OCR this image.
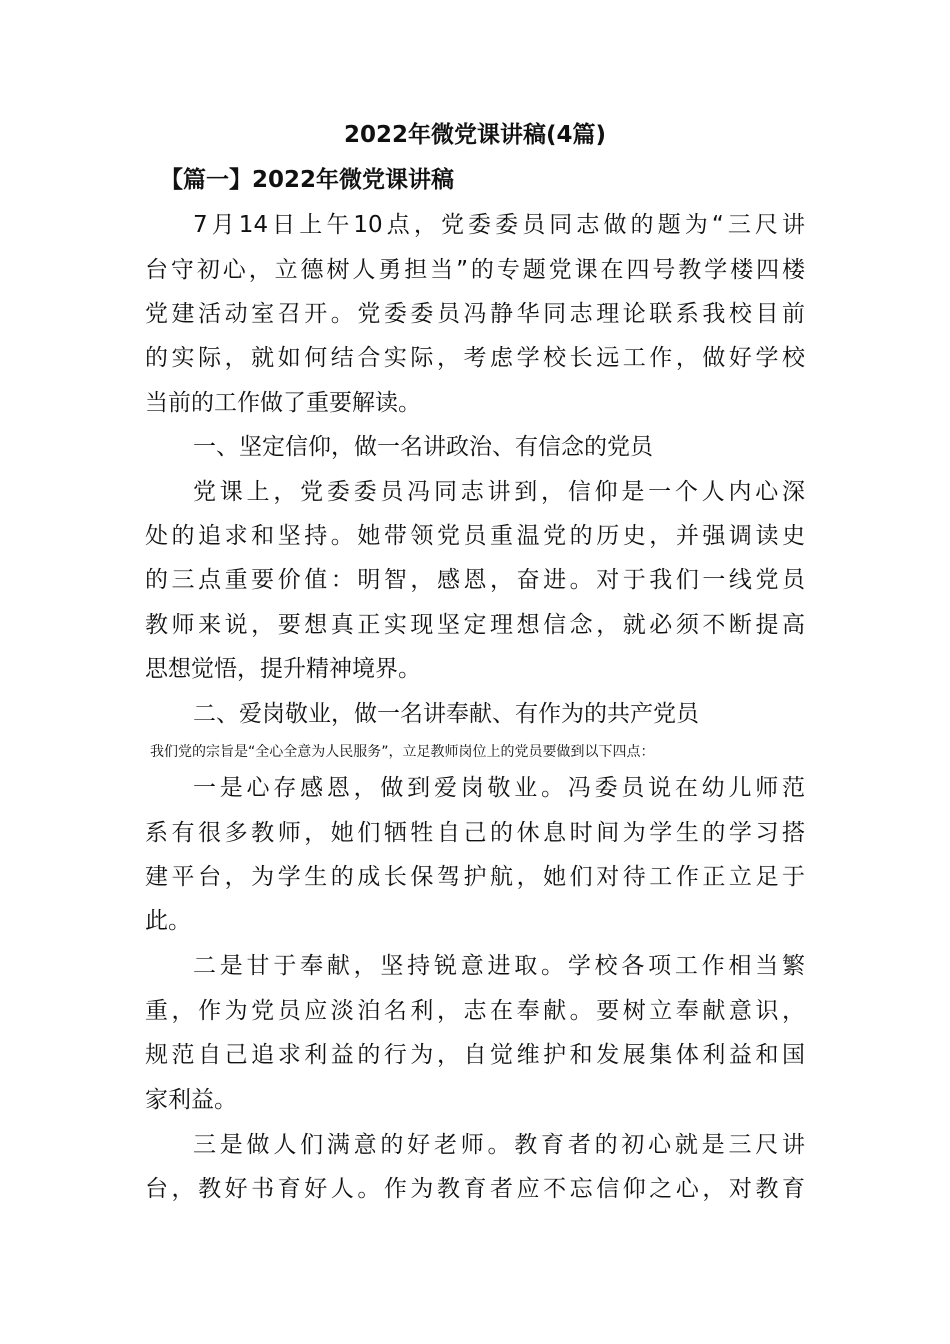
2022年微党课讲稿(4篇)
【篇一】2022年微党课讲稿
7月14日上午10点，党委委员同志做的题为“三尺讲
台守初心，立德树人勇担当”的专题党课在四号教学楼四楼
党建活动室召开。党委委员冯静华同志理论联系我校目前
的实际，就如何结合实际，考虑学校长远工作，做好学校
当前的工作做了重要解读。
一、坚定信仰，做一名讲政治、有信念的党员
党课上，党委委员冯同志讲到，信仰是一个人内心深
处的追求和坚持。她带领党员重温党的历史，并强调读史
的三点重要价值：明智，感恩，奋进。对于我们一线党员
教师来说，要想真正实现坚定理想信念，就必须不断提高
思想觉悟，提升精神境界。
二、爱岗敬业，做一名讲奉献、有作为的共产党员
我们党的宗旨是“全心全意为人民服务”，立足教师岗位上的党员要做到以下四点：
一是心存感恩，做到爱岗敬业。冯委员说在幼儿师范
系有很多教师，她们牺牲自己的休息时间为学生的学习搭
建平台，为学生的成长保驾护航，她们对待工作正立足于
此。
二是甘于奉献，坚持锐意进取。学校各项工作相当繁
重，作为党员应淡泊名利，志在奉献。要树立奉献意识，
规范自己追求利益的行为，自觉维护和发展集体利益和国
家利益。
三是做人们满意的好老师。教育者的初心就是三尺讲
台，教好书育好人。作为教育者应不忘信仰之心，对教育
